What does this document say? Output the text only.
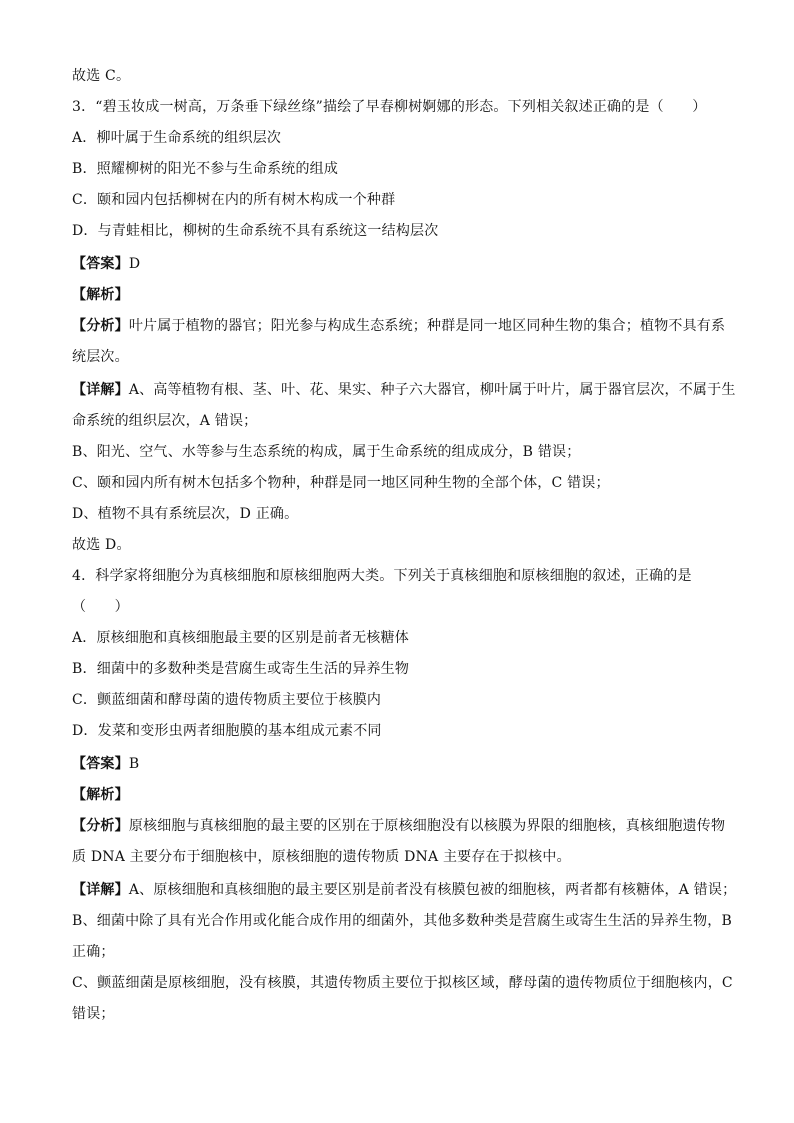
故选 C。
3．“碧玉妆成一树高，万条垂下绿丝绦”描绘了早春柳树婀娜的形态。下列相关叙述正确的是（　　）
A．柳叶属于生命系统的组织层次
B．照耀柳树的阳光不参与生命系统的组成
C．颐和园内包括柳树在内的所有树木构成一个种群
D．与青蛙相比，柳树的生命系统不具有系统这一结构层次
【答案】D
【解析】
【分析】叶片属于植物的器官；阳光参与构成生态系统；种群是同一地区同种生物的集合；植物不具有系
统层次。
【详解】A、高等植物有根、茎、叶、花、果实、种子六大器官，柳叶属于叶片，属于器官层次，不属于生
命系统的组织层次，A 错误；
B、阳光、空气、水等参与生态系统的构成，属于生命系统的组成成分，B 错误；
C、颐和园内所有树木包括多个物种，种群是同一地区同种生物的全部个体，C 错误；
D、植物不具有系统层次，D 正确。
故选 D。
4．科学家将细胞分为真核细胞和原核细胞两大类。下列关于真核细胞和原核细胞的叙述，正确的是
（　　）
A．原核细胞和真核细胞最主要的区别是前者无核糖体
B．细菌中的多数种类是营腐生或寄生生活的异养生物
C．颤蓝细菌和酵母菌的遗传物质主要位于核膜内
D．发菜和变形虫两者细胞膜的基本组成元素不同
【答案】B
【解析】
【分析】原核细胞与真核细胞的最主要的区别在于原核细胞没有以核膜为界限的细胞核，真核细胞遗传物
质 DNA 主要分布于细胞核中，原核细胞的遗传物质 DNA 主要存在于拟核中。
【详解】A、原核细胞和真核细胞的最主要区别是前者没有核膜包被的细胞核，两者都有核糖体，A 错误；
B、细菌中除了具有光合作用或化能合成作用的细菌外，其他多数种类是营腐生或寄生生活的异养生物，B
正确；
C、颤蓝细菌是原核细胞，没有核膜，其遗传物质主要位于拟核区域，酵母菌的遗传物质位于细胞核内，C
错误；
